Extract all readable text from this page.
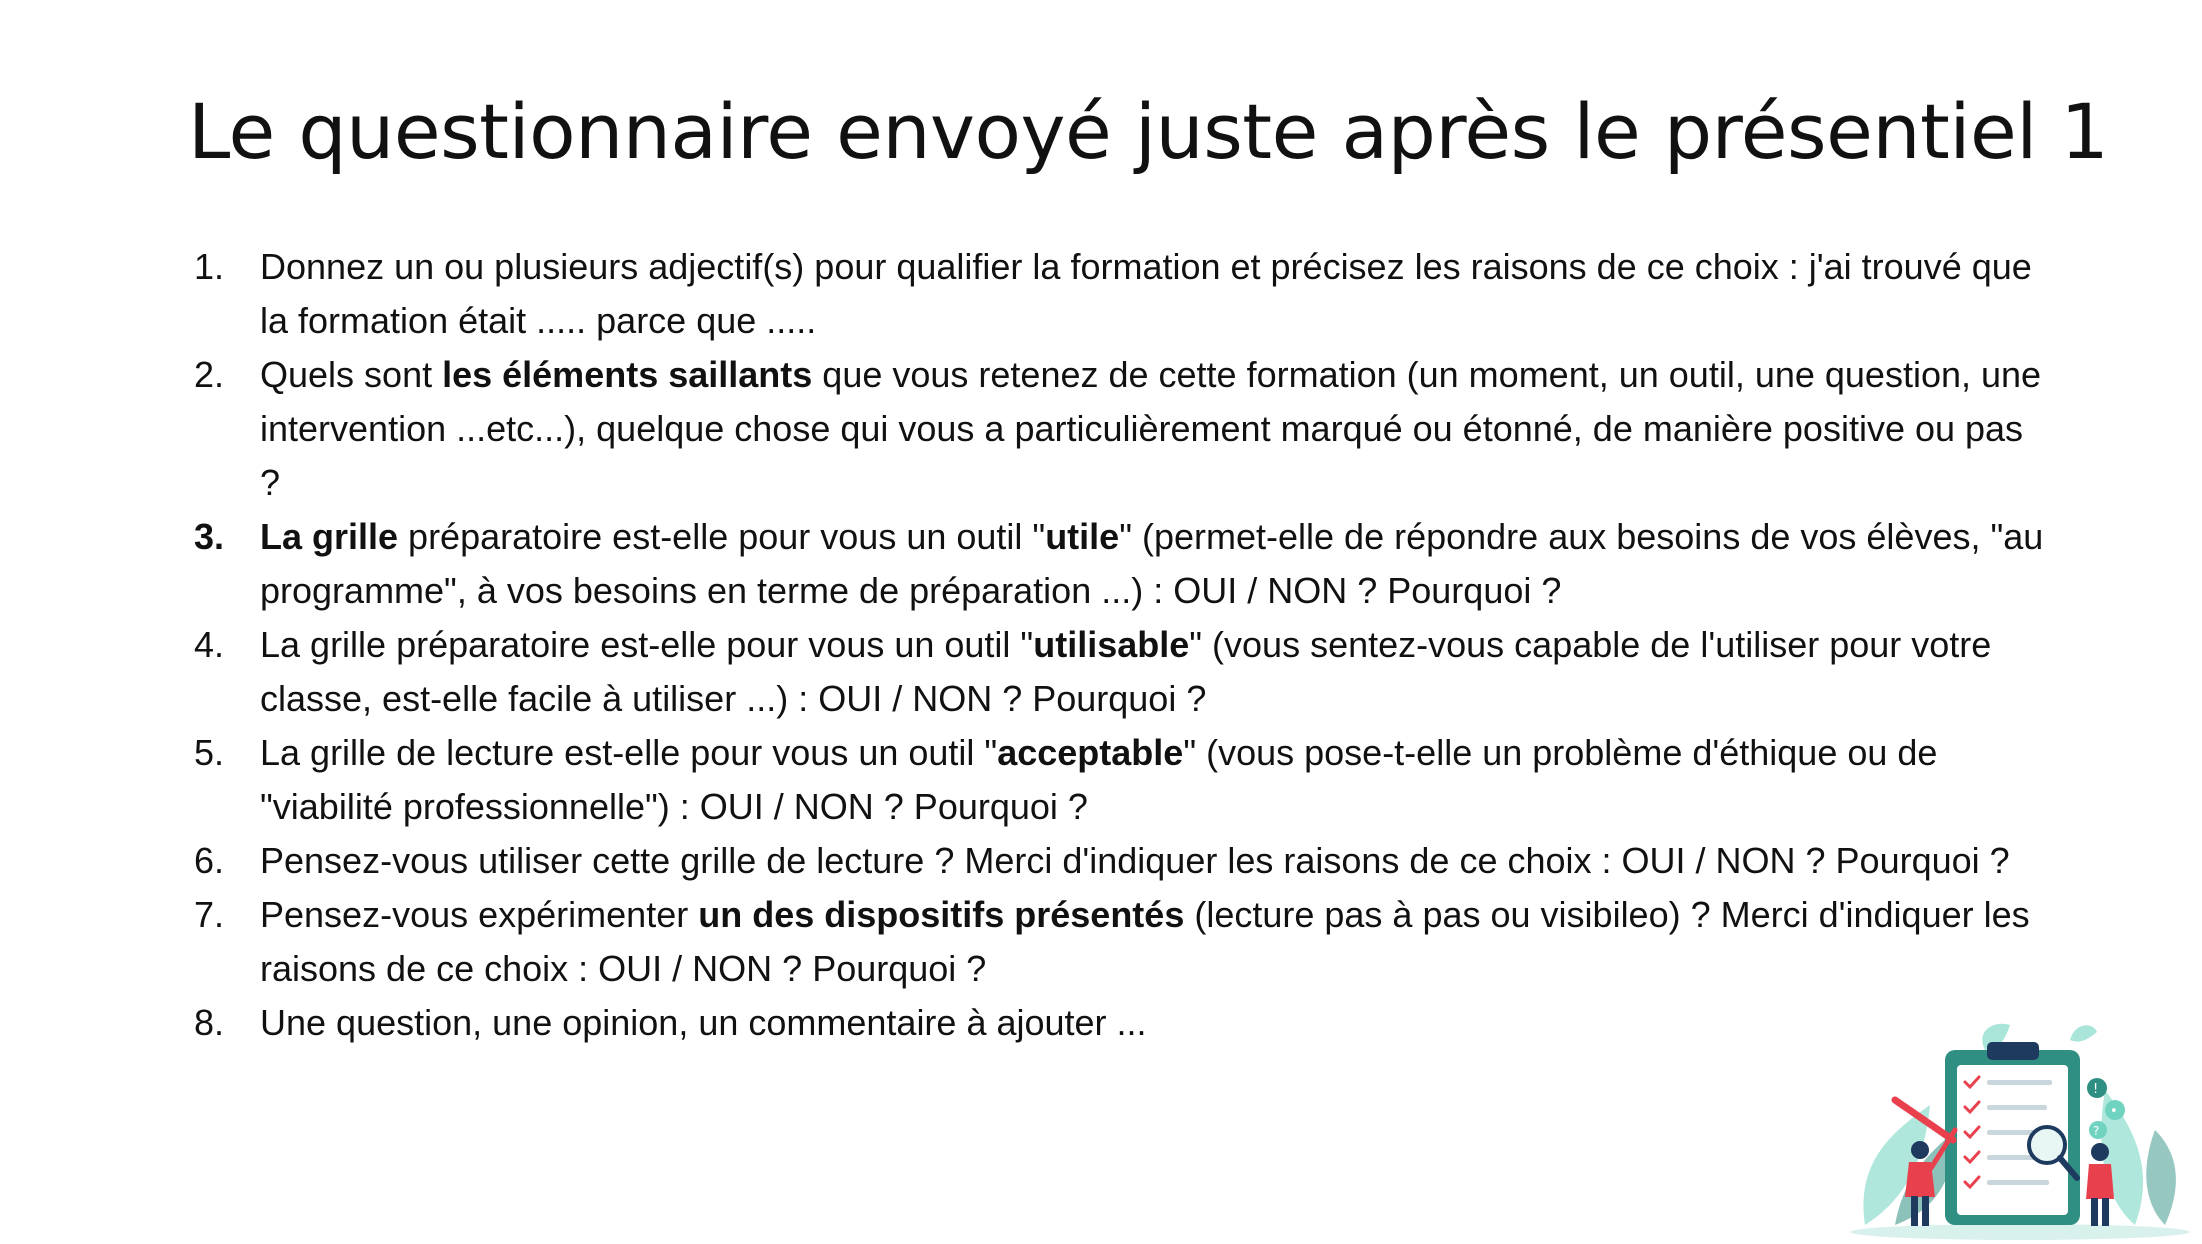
Le questionnaire envoyé juste après le présentiel 1
1. Donnez un ou plusieurs adjectif(s) pour qualifier la formation et précisez les raisons de ce choix : j'ai trouvé que la formation était ..... parce que .....
2. Quels sont les éléments saillants que vous retenez de cette formation (un moment, un outil, une question, une intervention ...etc...), quelque chose qui vous a particulièrement marqué ou étonné, de manière positive ou pas ?
3. La grille préparatoire est-elle pour vous un outil "utile" (permet-elle de répondre aux besoins de vos élèves, "au programme", à vos besoins en terme de préparation ...) : OUI / NON ? Pourquoi ?
4. La grille préparatoire est-elle pour vous un outil "utilisable" (vous sentez-vous capable de l'utiliser pour votre classe, est-elle facile à utiliser ...) : OUI / NON ? Pourquoi ?
5. La grille de lecture est-elle pour vous un outil "acceptable" (vous pose-t-elle un problème d'éthique ou de "viabilité professionnelle") : OUI / NON ? Pourquoi ?
6. Pensez-vous utiliser cette grille de lecture ? Merci d'indiquer les raisons de ce choix : OUI / NON ? Pourquoi ?
7. Pensez-vous expérimenter un des dispositifs présentés (lecture pas à pas ou visibileo) ? Merci d'indiquer les raisons de ce choix : OUI / NON ? Pourquoi ?
8. Une question, une opinion, un commentaire à ajouter ...
!
•
?
